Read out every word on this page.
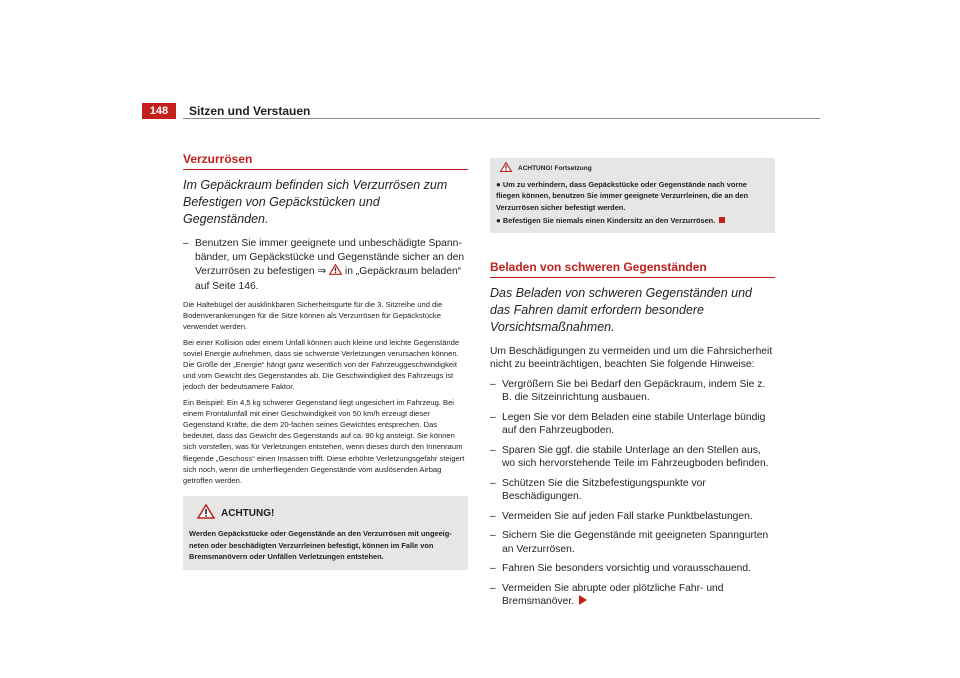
148	Sitzen und Verstauen
Verzurrösen
Im Gepäckraum befinden sich Verzurrösen zum Befestigen von Gepäckstücken und Gegenständen.
– Benutzen Sie immer geeignete und unbeschädigte Spannbänder, um Gepäckstücke und Gegenstände sicher an den Verzurrösen zu befestigen ⇒ in „Gepäckraum beladen“ auf Seite 146.

Die Haltebügel der ausklinkbaren Sicherheitsgurte für die 3. Sitzreihe und die Bodenverankerungen für die Sitze können als Verzurrösen für Gepäckstücke verwendet werden.

Bei einer Kollision oder einem Unfall können auch kleine und leichte Gegenstände soviel Energie aufnehmen, dass sie schwerste Verletzungen verursachen können. Die Größe der „Energie“ hängt ganz wesentlich von der Fahrzeuggeschwindigkeit und vom Gewicht des Gegenstandes ab. Die Geschwindigkeit des Fahrzeugs ist jedoch der bedeutsamere Faktor.

Ein Beispiel: Ein 4,5 kg schwerer Gegenstand liegt ungesichert im Fahrzeug. Bei einem Frontalunfall mit einer Geschwindigkeit von 50 km/h erzeugt dieser Gegenstand Kräfte, die dem 20-fachen seines Gewichtes entsprechen. Das bedeutet, dass das Gewicht des Gegenstands auf ca. 90 kg ansteigt. Sie können sich vorstellen, was für Verletzungen entstehen, wenn dieses durch den Innenraum fliegende „Geschoss“ einen Insassen trifft. Diese erhöhte Verletzungsgefahr steigert sich noch, wenn die umherfliegenden Gegenstände vom auslösenden Airbag getroffen werden.

ACHTUNG!
Werden Gepäckstücke oder Gegenstände an den Verzurrösen mit ungeeigneten oder beschädigten Verzurrleinen befestigt, können im Falle von Bremsmanövern oder Unfällen Verletzungen entstehen.
ACHTUNG! Fortsetzung
● Um zu verhindern, dass Gepäckstücke oder Gegenstände nach vorne fliegen können, benutzen Sie immer geeignete Verzurrleinen, die an den Verzurrösen sicher befestigt werden.
● Befestigen Sie niemals einen Kindersitz an den Verzurrösen.
Beladen von schweren Gegenständen
Das Beladen von schweren Gegenständen und das Fahren damit erfordern besondere Vorsichtsmaßnahmen.
Um Beschädigungen zu vermeiden und um die Fahrsicherheit nicht zu beeinträchtigen, beachten Sie folgende Hinweise:
– Vergrößern Sie bei Bedarf den Gepäckraum, indem Sie z. B. die Sitzeinrichtung ausbauen.
– Legen Sie vor dem Beladen eine stabile Unterlage bündig auf den Fahrzeugboden.
– Sparen Sie ggf. die stabile Unterlage an den Stellen aus, wo sich hervorstehende Teile im Fahrzeugboden befinden.
– Schützen Sie die Sitzbefestigungspunkte vor Beschädigungen.
– Vermeiden Sie auf jeden Fall starke Punktbelastungen.
– Sichern Sie die Gegenstände mit geeigneten Spanngurten an Verzurrösen.
– Fahren Sie besonders vorsichtig und vorausschauend.
– Vermeiden Sie abrupte oder plötzliche Fahr- und Bremsmanöver.
